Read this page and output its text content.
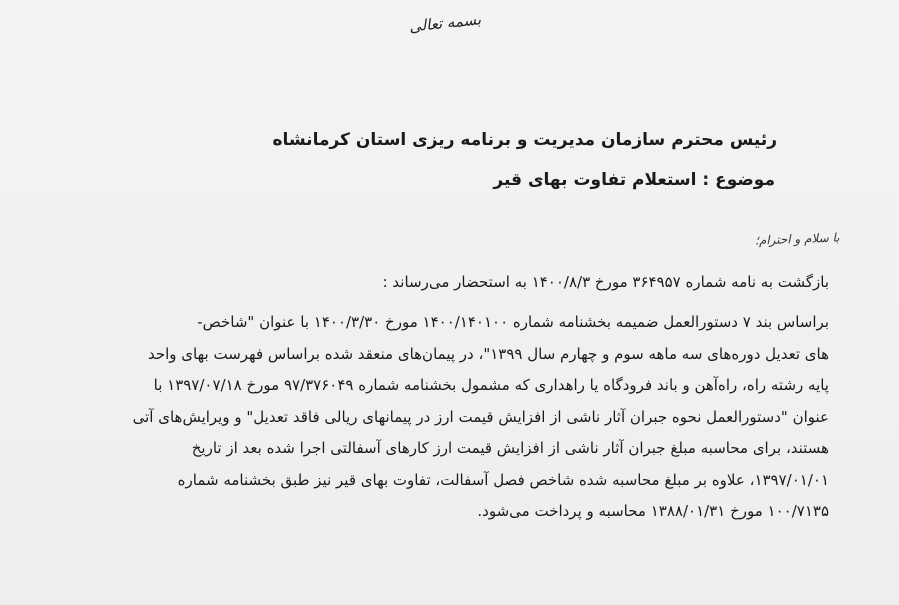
بسمه تعالی
رئیس محترم سازمان مدیریت و برنامه ریزی استان کرمانشاه
موضوع : استعلام تفاوت بهای قیر
با سلام و احترام؛
بازگشت به نامه شماره ۳۶۴۹۵۷ مورخ ۱۴۰۰/۸/۳ به استحضار می‌رساند :
براساس بند ۷ دستورالعمل ضمیمه بخشنامه شماره ۱۴۰۰/۱۴۰۱۰۰ مورخ ۱۴۰۰/۳/۳۰ با عنوان "شاخص-
های تعدیل دوره‌های سه ماهه سوم و چهارم سال ۱۳۹۹"، در پیمان‌های منعقد شده براساس فهرست بهای واحد
پایه رشته راه، راه‌آهن و باند فرودگاه یا راهداری که مشمول بخشنامه شماره ۹۷/۳۷۶۰۴۹ مورخ ۱۳۹۷/۰۷/۱۸ با
عنوان "دستورالعمل نحوه جبران آثار ناشی از افزایش قیمت ارز در پیمانهای ریالی فاقد تعدیل" و ویرایش‌های آتی
هستند، برای محاسبه مبلغ جبران آثار ناشی از افزایش قیمت ارز کارهای آسفالتی اجرا شده بعد از تاریخ
۱۳۹۷/۰۱/۰۱، علاوه بر مبلغ محاسبه شده شاخص فصل آسفالت، تفاوت بهای قیر نیز طبق بخشنامه شماره
۱۰۰/۷۱۳۵ مورخ ۱۳۸۸/۰۱/۳۱ محاسبه و پرداخت می‌شود.
